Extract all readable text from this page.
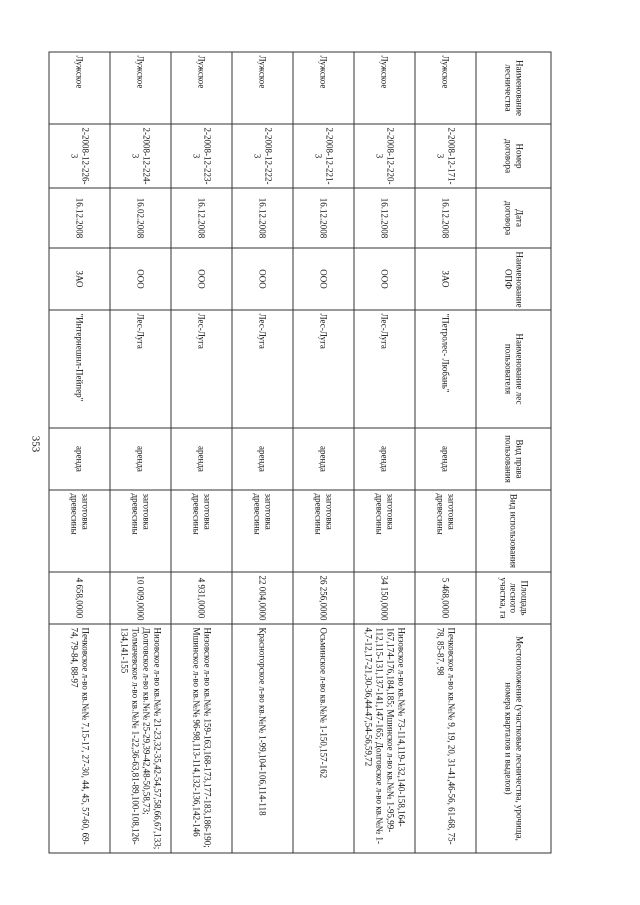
353
Наименование лесничества	Номер договора	Дата договора	Наименование ОПФ	Наименование лес пользователя	Вид права пользования	Вид использования	Площадь лесного участка, га	Местоположение (участковые лесничества, урочища, номера кварталов и выделов)
Лужское	2-2008-12-171-3	16.12.2008	ЗАО	"Петролес- Любань"	аренда	заготовка древесины	5 468,0000	Печковское л-во кв.№№ 9, 19, 20, 31-41,46-56, 61-68, 75-78, 85-87, 98
Лужское	2-2008-12-220-3	16.12.2008	ООО	Лес-Луга	аренда	заготовка древесины	34 150,0000	Низовское л-во кв.№№ 73-114,119-132,140-158,164-167,174-176,184,185; Мшинское л-во кв.№№ 1-95,99-112,115-131,137-141,147-165; Долговское л-во кв.№№ 1-4,7-12,17-21,30-36,44-47,54-56,59,72
Лужское	2-2008-12-221-3	16.12.2008	ООО	Лес-Луга	аренда	заготовка древесины	26 256,0000	Осьминское л-во кв.№№ 1-150,157-162
Лужское	2-2008-12-222-3	16.12.2008	ООО	Лес-Луга	аренда	заготовка древесины	22 004,0000	Красногорское л-во кв.№№ 1-99,104-106,114-118
Лужское	2-2008-12-223-3	16.12.2008	ООО	Лес-Луга	аренда	заготовка древесины	4 931,0000	Низовское л-во кв.№№ 159-163,168-173,177-183,186-190; Мшинское л-во кв.№№ 96-98,113-114,132-136,142-146
Лужское	2-2008-12-224-3	16.02.2008	ООО	Лес-Луга	аренда	заготовка древесины	10 009,0000	Низовское л-во кв.№№ 21-23,32-35,42-54,57,58,66,67,133; Долговское л-во кв.№№ 25-29,39-42,48-50,58,73; Толмачевское л-во кв.№№ 1-22,36-63,81-89,100-108,126-134,141-155
Лужское	2-2008-12-226-3	16.12.2008	ЗАО	"Интернешнл-Пейпер"	аренда	заготовка древесины	4 658,0000	Печковское л-во кв.№№ 7,15-17, 27-30, 44, 45, 57-60, 69-74, 79-84, 88-97
